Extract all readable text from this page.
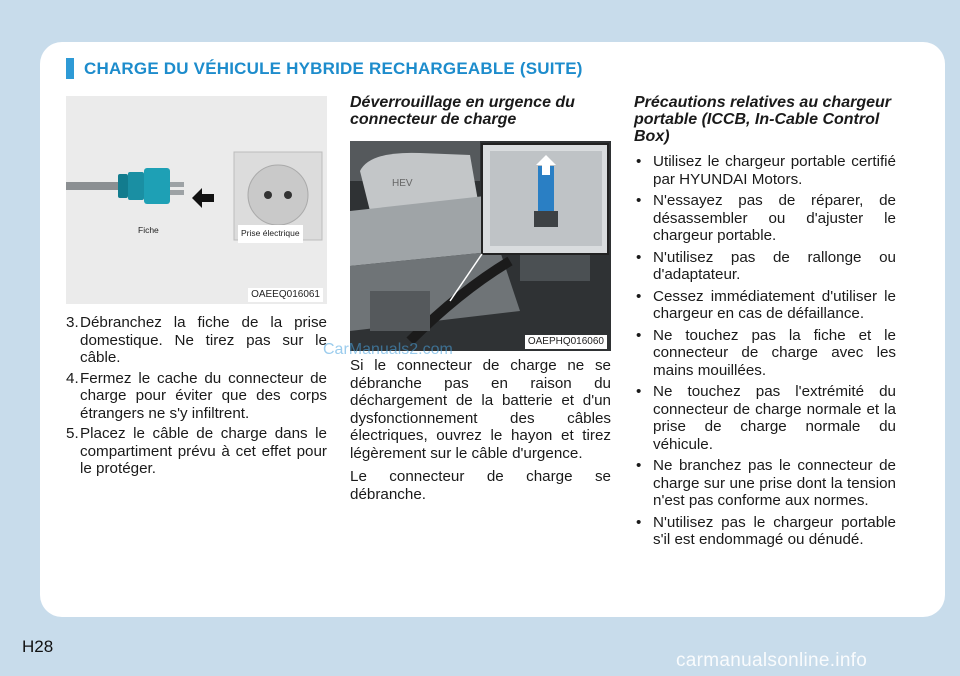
CHARGE DU VÉHICULE HYBRIDE RECHARGEABLE (SUITE)
Fiche	Prise électrique
OAEEQ016061
3. Débranchez la fiche de la prise domestique. Ne tirez pas sur le câble.
4. Fermez le cache du connecteur de charge pour éviter que des corps étrangers ne s'y infiltrent.
5. Placez le câble de charge dans le compartiment prévu à cet effet pour le protéger.

Déverrouillage en urgence du connecteur de charge

HEV
OAEPHQ016060

Si le connecteur de charge ne se débranche pas en raison du déchargement de la batterie et d'un dysfonctionnement des câbles électriques, ouvrez le hayon et tirez légèrement sur le câble d'urgence.

Le connecteur de charge se débranche.

Précautions relatives au chargeur portable (ICCB, In-Cable Control Box)

• Utilisez le chargeur portable certifié par HYUNDAI Motors.
• N'essayez pas de réparer, de désassembler ou d'ajuster le chargeur portable.
• N'utilisez pas de rallonge ou d'adaptateur.
• Cessez immédiatement d'utiliser le chargeur en cas de défaillance.
• Ne touchez pas la fiche et le connecteur de charge avec les mains mouillées.
• Ne touchez pas l'extrémité du connecteur de charge normale et la prise de charge normale du véhicule.
• Ne branchez pas le connecteur de charge sur une prise dont la tension n'est pas conforme aux normes.
• N'utilisez pas le chargeur portable s'il est endommagé ou dénudé.
H28
CarManuals2.com
carmanualsonline.info
